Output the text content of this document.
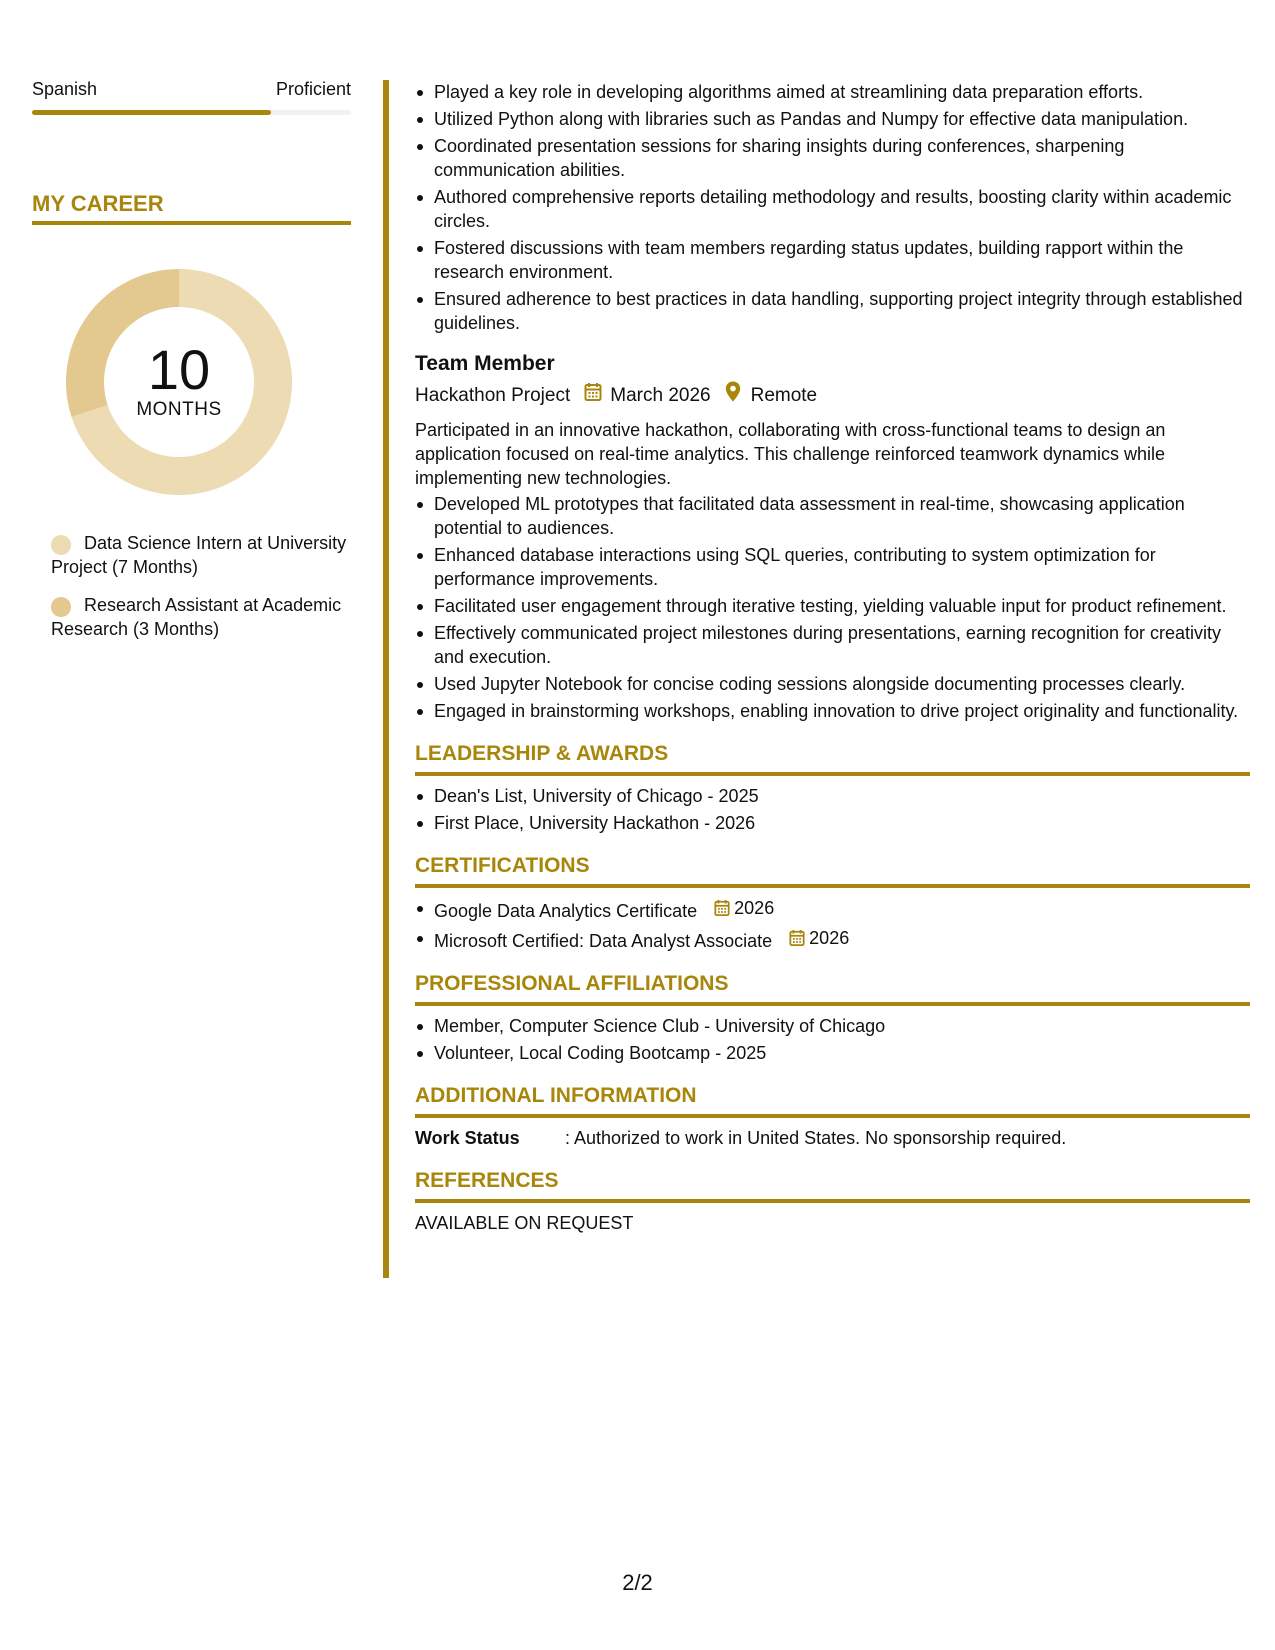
Spanish	Proficient
MY CAREER
10
MONTHS
Data Science Intern at University Project (7 Months)
Research Assistant at Academic Research (3 Months)
Played a key role in developing algorithms aimed at streamlining data preparation efforts.
Utilized Python along with libraries such as Pandas and Numpy for effective data manipulation.
Coordinated presentation sessions for sharing insights during conferences, sharpening communication abilities.
Authored comprehensive reports detailing methodology and results, boosting clarity within academic circles.
Fostered discussions with team members regarding status updates, building rapport within the research environment.
Ensured adherence to best practices in data handling, supporting project integrity through established guidelines.
Team Member
Hackathon Project March 2026 Remote
Participated in an innovative hackathon, collaborating with cross-functional teams to design an application focused on real-time analytics. This challenge reinforced teamwork dynamics while implementing new technologies.
Developed ML prototypes that facilitated data assessment in real-time, showcasing application potential to audiences.
Enhanced database interactions using SQL queries, contributing to system optimization for performance improvements.
Facilitated user engagement through iterative testing, yielding valuable input for product refinement.
Effectively communicated project milestones during presentations, earning recognition for creativity and execution.
Used Jupyter Notebook for concise coding sessions alongside documenting processes clearly.
Engaged in brainstorming workshops, enabling innovation to drive project originality and functionality.
LEADERSHIP & AWARDS
Dean's List, University of Chicago - 2025
First Place, University Hackathon - 2026
CERTIFICATIONS
Google Data Analytics Certificate 2026
Microsoft Certified: Data Analyst Associate 2026
PROFESSIONAL AFFILIATIONS
Member, Computer Science Club - University of Chicago
Volunteer, Local Coding Bootcamp - 2025
ADDITIONAL INFORMATION
Work Status	: Authorized to work in United States. No sponsorship required.
REFERENCES
AVAILABLE ON REQUEST
2/2
